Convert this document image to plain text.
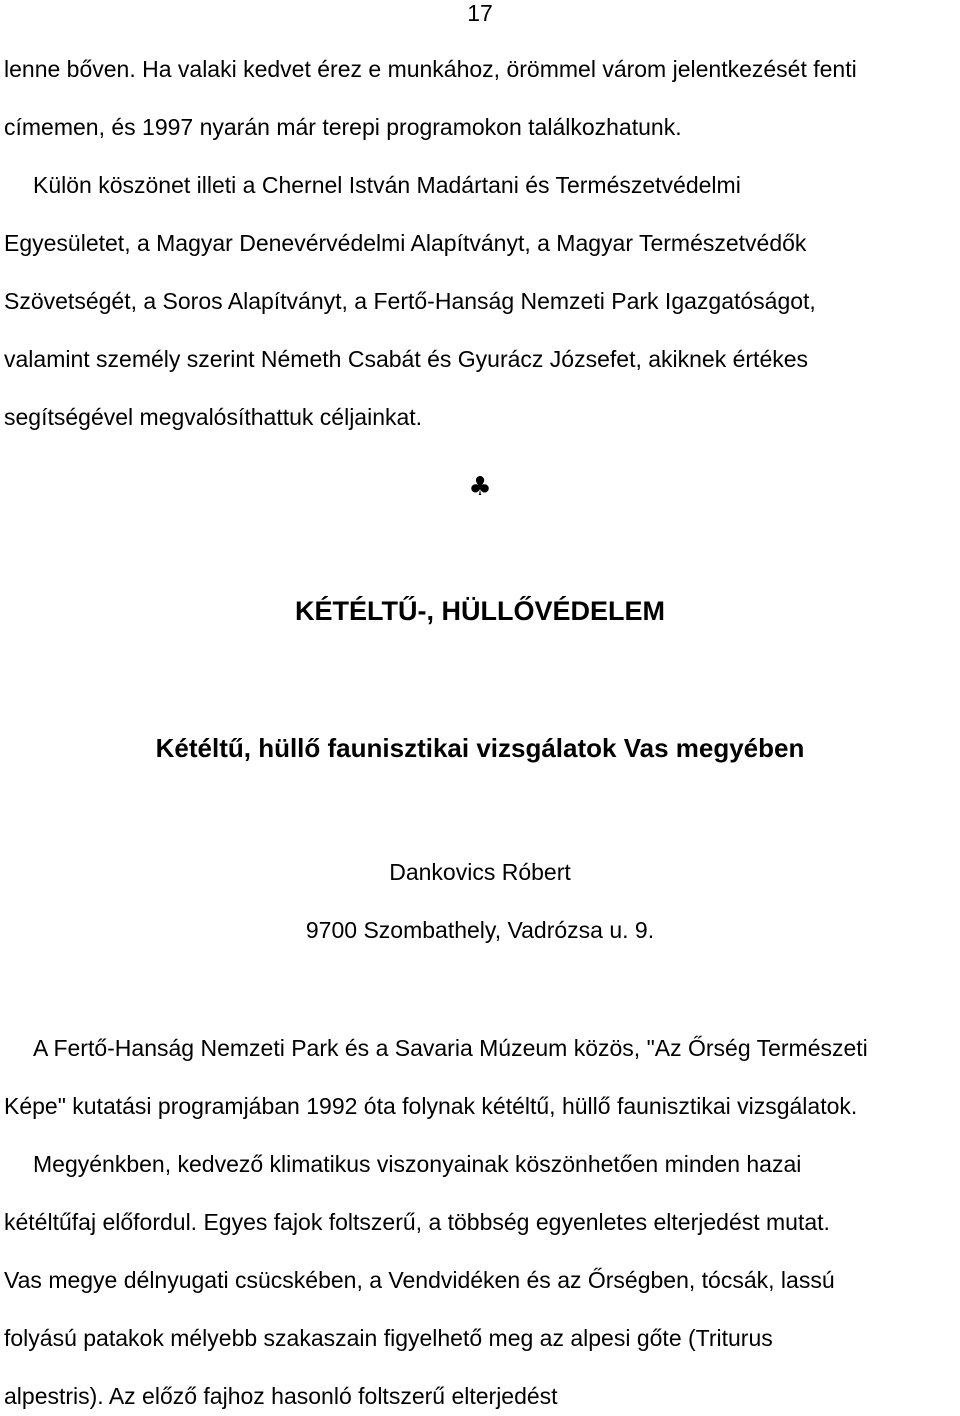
17
lenne bőven. Ha valaki kedvet érez e munkához, örömmel várom jelentkezését fenti
címemen, és 1997 nyarán már terepi programokon találkozhatunk.
Külön köszönet illeti a Chernel István Madártani és Természetvédelmi
Egyesületet, a Magyar Denevérvédelmi Alapítványt, a Magyar Természetvédők
Szövetségét, a Soros Alapítványt, a Fertő-Hanság Nemzeti Park Igazgatóságot,
valamint személy szerint Németh Csabát és Gyurácz Józsefet, akiknek értékes
segítségével megvalósíthattuk céljainkat.
♣
KÉTÉLTŰ-, HÜLLŐVÉDELEM
Kétéltű, hüllő faunisztikai vizsgálatok Vas megyében
Dankovics Róbert
9700 Szombathely, Vadrózsa u. 9.
A Fertő-Hanság Nemzeti Park és a Savaria Múzeum közös, "Az Őrség Természeti
Képe" kutatási programjában 1992 óta folynak kétéltű, hüllő faunisztikai vizsgálatok.
Megyénkben, kedvező klimatikus viszonyainak köszönhetően minden hazai
kétéltűfaj előfordul. Egyes fajok foltszerű, a többség egyenletes elterjedést mutat.
Vas megye délnyugati csücskében, a Vendvidéken és az Őrségben, tócsák, lassú
folyású patakok mélyebb szakaszain figyelhető meg az alpesi gőte (Triturus
alpestris). Az előző fajhoz hasonló foltszerű elterjedést
